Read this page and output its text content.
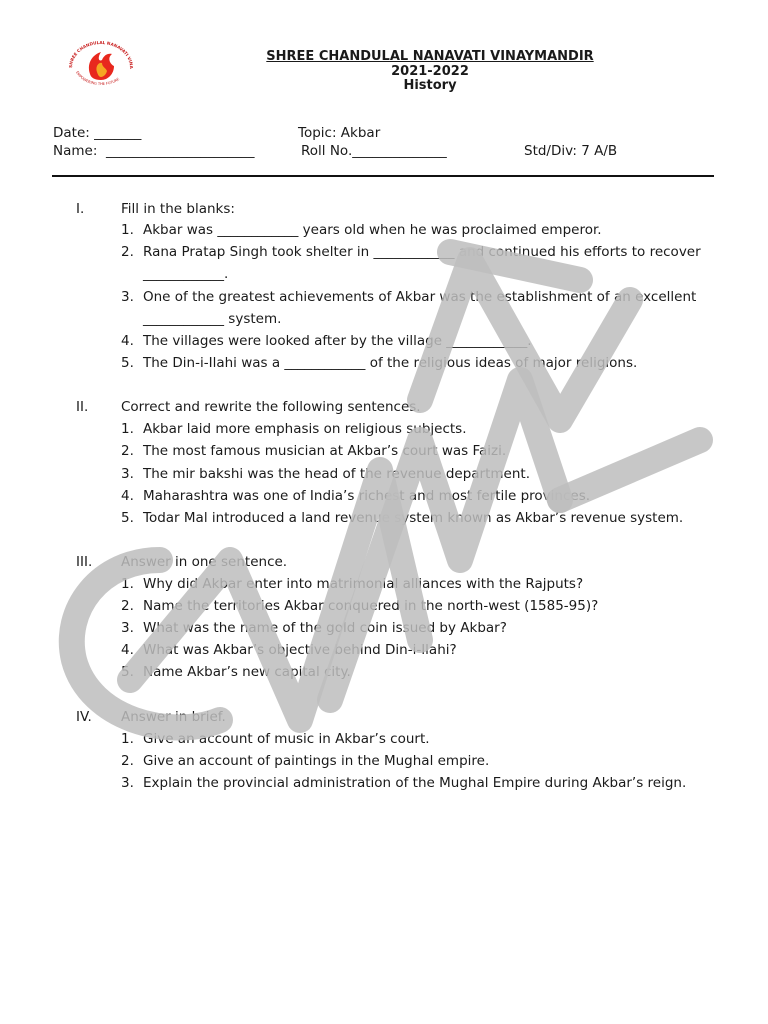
SHREE CHANDULAL NANAVATI VINA
EMPOWERING THE FUTURE
SHREE CHANDULAL NANAVATI VINAYMANDIR
2021-2022
History
Date: _______	Topic: Akbar
Name:  ______________________	Roll No.______________	Std/Div: 7 A/B
I.	Fill in the blanks:
1. Akbar was ____________ years old when he was proclaimed emperor.
2. Rana Pratap Singh took shelter in ____________ and continued his efforts to recover
____________.
3. One of the greatest achievements of Akbar was the establishment of an excellent
____________ system.
4. The villages were looked after by the village ____________.
5. The Din-i-Ilahi was a ____________ of the religious ideas of major religions.
II. Correct and rewrite the following sentences.
1. Akbar laid more emphasis on religious subjects.
2. The most famous musician at Akbar’s court was Faizi.
3. The mir bakshi was the head of the revenue department.
4. Maharashtra was one of India’s richest and most fertile provinces.
5. Todar Mal introduced a land revenue system known as Akbar’s revenue system.
III. Answer in one sentence.
1. Why did Akbar enter into matrimonial alliances with the Rajputs?
2. Name the territories Akbar conquered in the north-west (1585-95)?
3. What was the name of the gold coin issued by Akbar?
4. What was Akbar’s objective behind Din-i-Ilahi?
5. Name Akbar’s new capital city.
IV. Answer in brief.
1. Give an account of music in Akbar’s court.
2. Give an account of paintings in the Mughal empire.
3. Explain the provincial administration of the Mughal Empire during Akbar’s reign.
